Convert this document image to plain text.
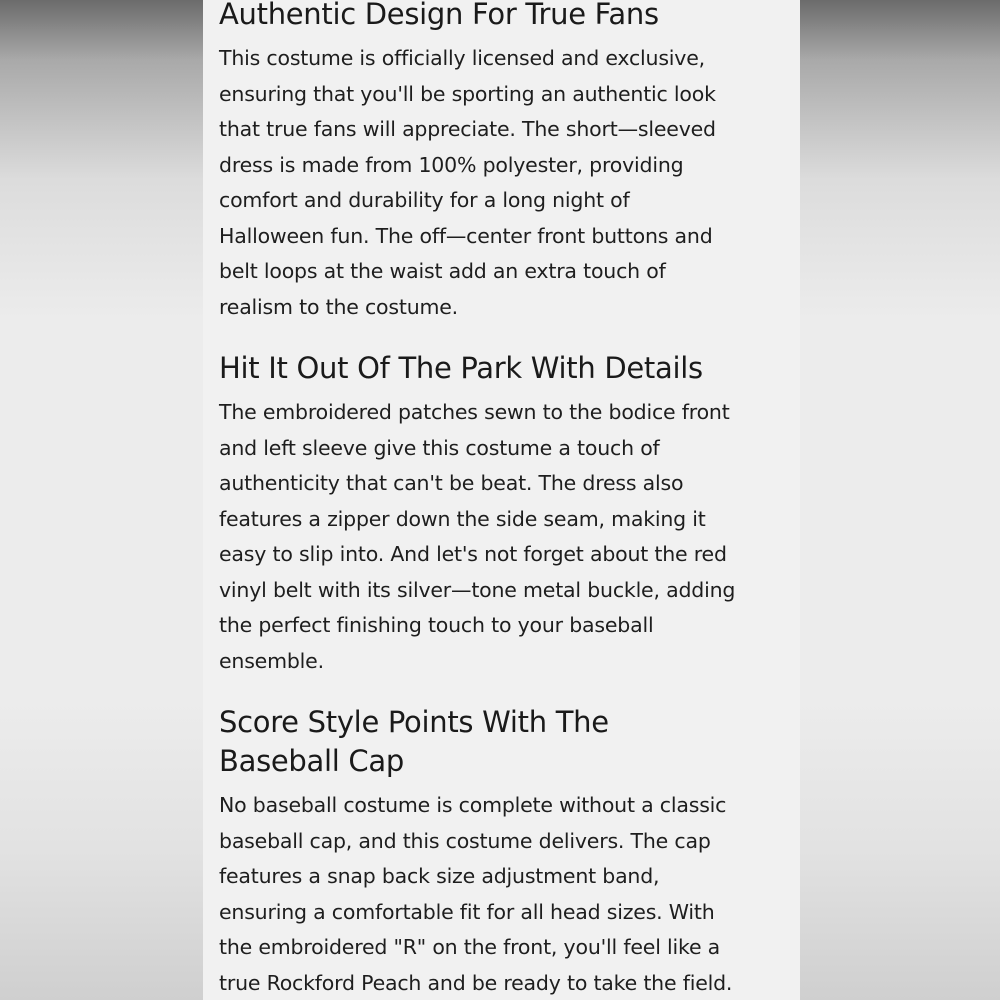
Authentic Design For True Fans

This costume is officially licensed and exclusive,
ensuring that you'll be sporting an authentic look
that true fans will appreciate. The short—sleeved
dress is made from 100% polyester, providing
comfort and durability for a long night of
Halloween fun. The off—center front buttons and
belt loops at the waist add an extra touch of
realism to the costume.

Hit It Out Of The Park With Details

The embroidered patches sewn to the bodice front
and left sleeve give this costume a touch of
authenticity that can't be beat. The dress also
features a zipper down the side seam, making it
easy to slip into. And let's not forget about the red
vinyl belt with its silver—tone metal buckle, adding
the perfect finishing touch to your baseball
ensemble.

Score Style Points With The
Baseball Cap

No baseball costume is complete without a classic
baseball cap, and this costume delivers. The cap
features a snap back size adjustment band,
ensuring a comfortable fit for all head sizes. With
the embroidered "R" on the front, you'll feel like a
true Rockford Peach and be ready to take the field.
